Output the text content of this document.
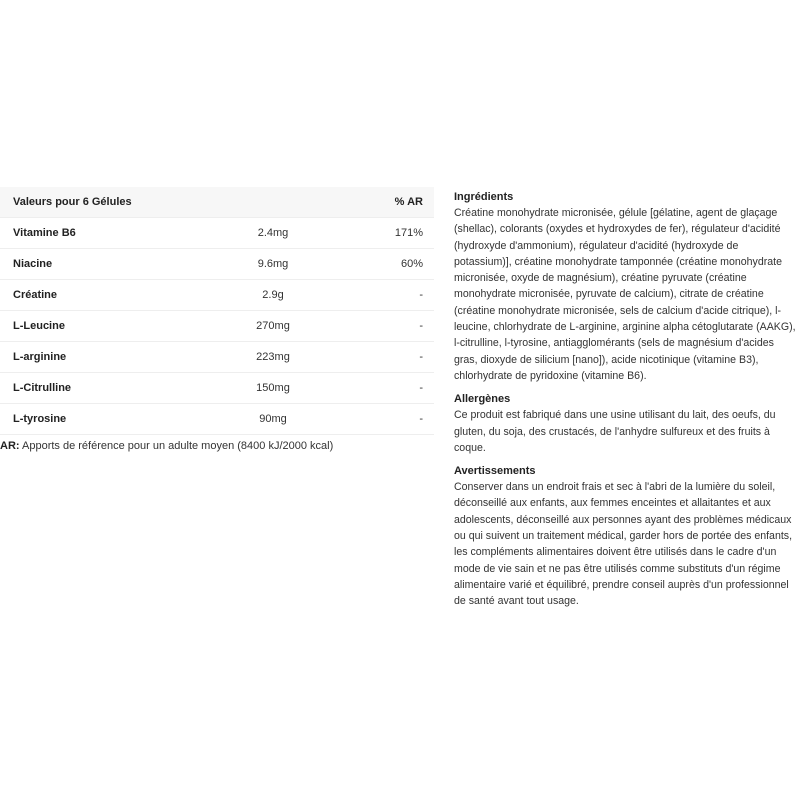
Valeurs pour 6 Gélules		% AR
Vitamine B6	2.4mg	171%
Niacine	9.6mg	60%
Créatine	2.9g	-
L-Leucine	270mg	-
L-arginine	223mg	-
L-Citrulline	150mg	-
L-tyrosine	90mg	-
AR: Apports de référence pour un adulte moyen (8400 kJ/2000 kcal)
Ingrédients

Créatine monohydrate micronisée, gélule [gélatine, agent de glaçage (shellac), colorants (oxydes et hydroxydes de fer), régulateur d'acidité (hydroxyde d'ammonium), régulateur d'acidité (hydroxyde de potassium)], créatine monohydrate tamponnée (créatine monohydrate micronisée, oxyde de magnésium), créatine pyruvate (créatine monohydrate micronisée, pyruvate de calcium), citrate de créatine (créatine monohydrate micronisée, sels de calcium d'acide citrique), l-leucine, chlorhydrate de L-arginine, arginine alpha cétoglutarate (AAKG), l-citrulline, l-tyrosine, antiagglomérants (sels de magnésium d'acides gras, dioxyde de silicium [nano]), acide nicotinique (vitamine B3), chlorhydrate de pyridoxine (vitamine B6).

Allergènes

Ce produit est fabriqué dans une usine utilisant du lait, des oeufs, du gluten, du soja, des crustacés, de l'anhydre sulfureux et des fruits à coque.

Avertissements

Conserver dans un endroit frais et sec à l'abri de la lumière du soleil, déconseillé aux enfants, aux femmes enceintes et allaitantes et aux adolescents, déconseillé aux personnes ayant des problèmes médicaux ou qui suivent un traitement médical, garder hors de portée des enfants, les compléments alimentaires doivent être utilisés dans le cadre d'un mode de vie sain et ne pas être utilisés comme substituts d'un régime alimentaire varié et équilibré, prendre conseil auprès d'un professionnel de santé avant tout usage.
